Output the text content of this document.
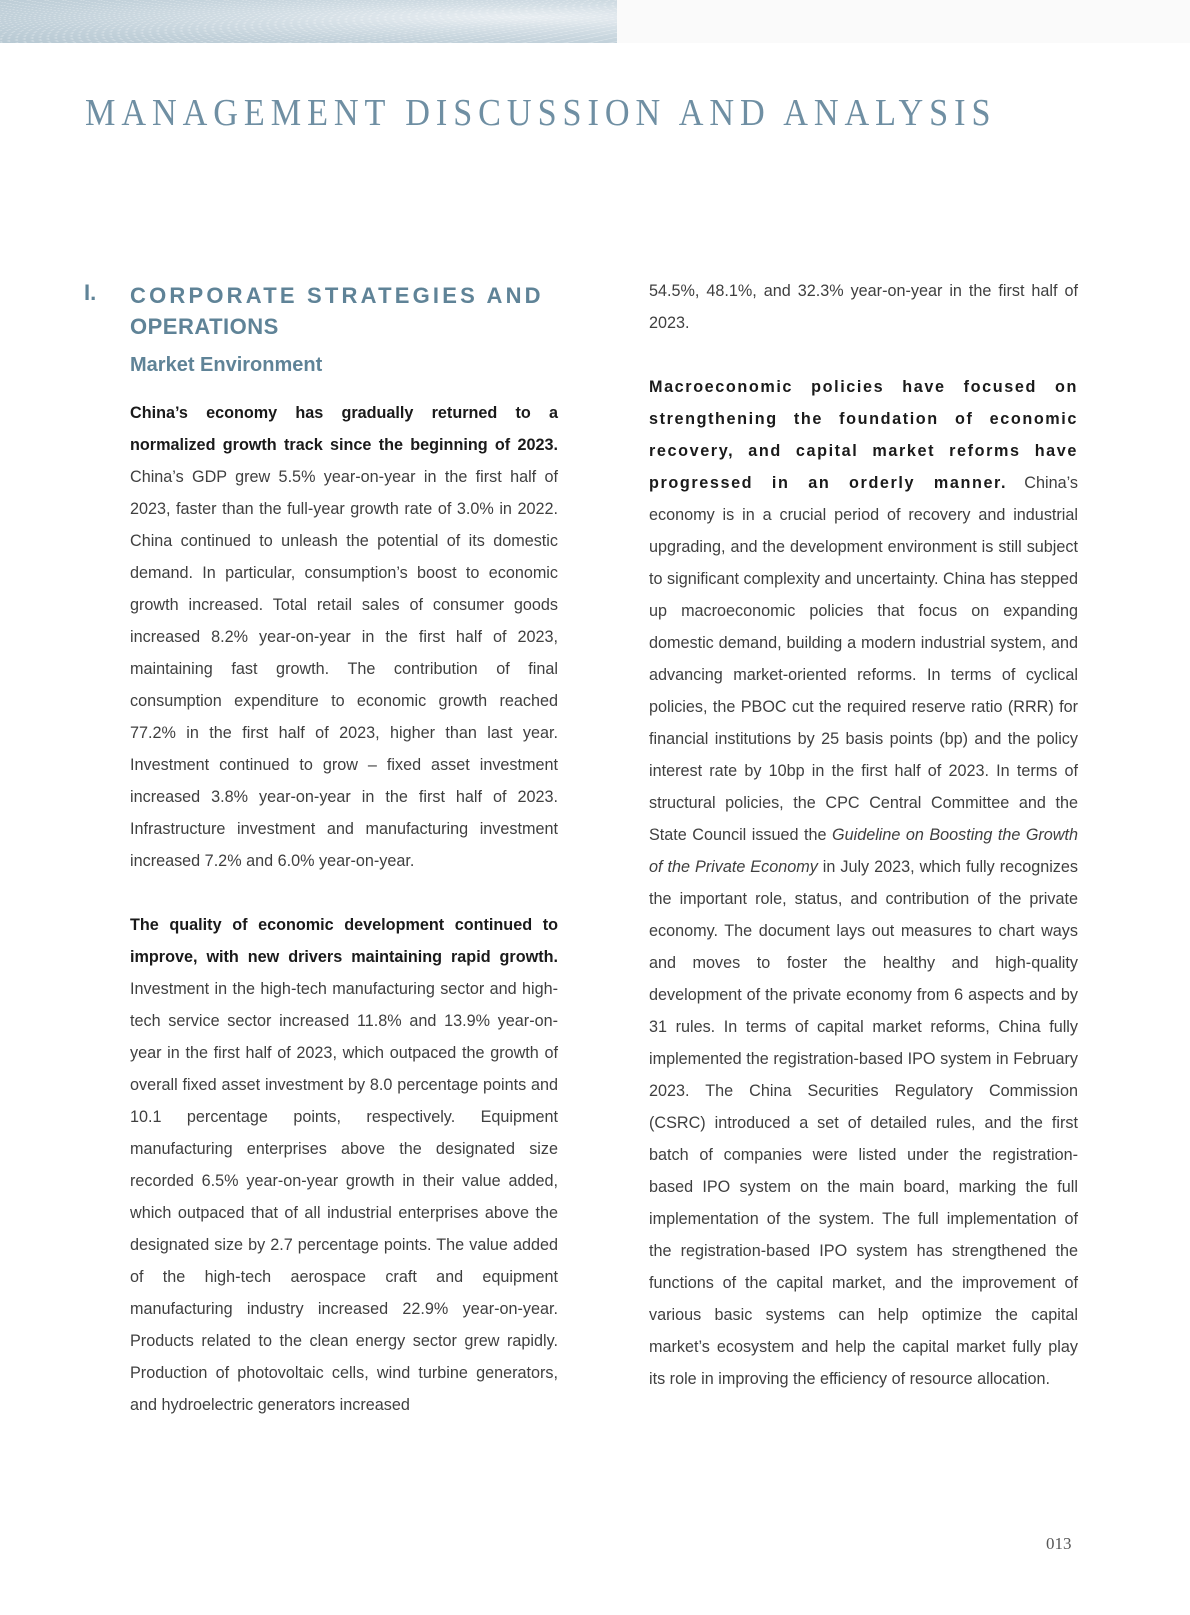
MANAGEMENT DISCUSSION AND ANALYSIS
I. CORPORATE STRATEGIES AND
OPERATIONS
Market Environment

China’s economy has gradually returned to a normalized growth track since the beginning of 2023. China’s GDP grew 5.5% year-on-year in the first half of 2023, faster than the full-year growth rate of 3.0% in 2022. China continued to unleash the potential of its domestic demand. In particular, consumption’s boost to economic growth increased. Total retail sales of consumer goods increased 8.2% year-on-year in the first half of 2023, maintaining fast growth. The contribution of final consumption expenditure to economic growth reached 77.2% in the first half of 2023, higher than last year. Investment continued to grow – fixed asset investment increased 3.8% year-on-year in the first half of 2023. Infrastructure investment and manufacturing investment increased 7.2% and 6.0% year-on-year.

The quality of economic development continued to improve, with new drivers maintaining rapid growth. Investment in the high-tech manufacturing sector and high-tech service sector increased 11.8% and 13.9% year-on-year in the first half of 2023, which outpaced the growth of overall fixed asset investment by 8.0 percentage points and 10.1 percentage points, respectively. Equipment manufacturing enterprises above the designated size recorded 6.5% year-on-year growth in their value added, which outpaced that of all industrial enterprises above the designated size by 2.7 percentage points. The value added of the high-tech aerospace craft and equipment manufacturing industry increased 22.9% year-on-year. Products related to the clean energy sector grew rapidly. Production of photovoltaic cells, wind turbine generators, and hydroelectric generators increased

54.5%, 48.1%, and 32.3% year-on-year in the first half of 2023.

Macroeconomic policies have focused on strengthening the foundation of economic recovery, and capital market reforms have progressed in an orderly manner. China’s economy is in a crucial period of recovery and industrial upgrading, and the development environment is still subject to significant complexity and uncertainty. China has stepped up macroeconomic policies that focus on expanding domestic demand, building a modern industrial system, and advancing market-oriented reforms. In terms of cyclical policies, the PBOC cut the required reserve ratio (RRR) for financial institutions by 25 basis points (bp) and the policy interest rate by 10bp in the first half of 2023. In terms of structural policies, the CPC Central Committee and the State Council issued the Guideline on Boosting the Growth of the Private Economy in July 2023, which fully recognizes the important role, status, and contribution of the private economy. The document lays out measures to chart ways and moves to foster the healthy and high-quality development of the private economy from 6 aspects and by 31 rules. In terms of capital market reforms, China fully implemented the registration-based IPO system in February 2023. The China Securities Regulatory Commission (CSRC) introduced a set of detailed rules, and the first batch of companies were listed under the registration-based IPO system on the main board, marking the full implementation of the system. The full implementation of the registration-based IPO system has strengthened the functions of the capital market, and the improvement of various basic systems can help optimize the capital market’s ecosystem and help the capital market fully play its role in improving the efficiency of resource allocation.

013
